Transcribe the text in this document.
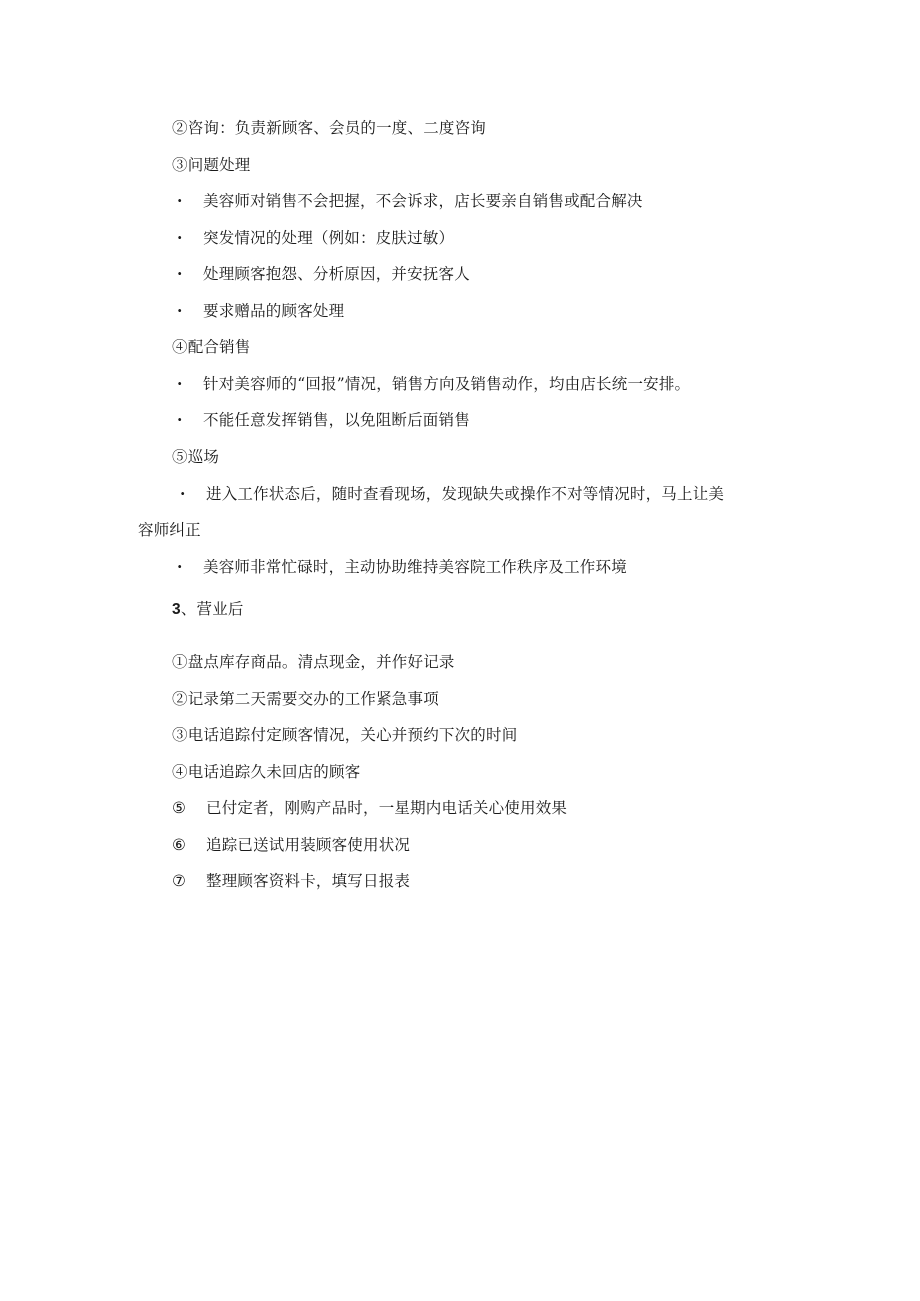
②咨询：负责新顾客、会员的一度、二度咨询
③问题处理
· 美容师对销售不会把握，不会诉求，店长要亲自销售或配合解决
· 突发情况的处理（例如：皮肤过敏）
· 处理顾客抱怨、分析原因，并安抚客人
· 要求赠品的顾客处理
④配合销售
· 针对美容师的“回报”情况，销售方向及销售动作，均由店长统一安排。
· 不能任意发挥销售，以免阻断后面销售
⑤巡场
· 进入工作状态后，随时查看现场，发现缺失或操作不对等情况时，马上让美
容师纠正
· 美容师非常忙碌时，主动协助维持美容院工作秩序及工作环境
3、营业后
①盘点库存商品。清点现金，并作好记录
②记录第二天需要交办的工作紧急事项
③电话追踪付定顾客情况，关心并预约下次的时间
④电话追踪久未回店的顾客
⑤ 已付定者，刚购产品时，一星期内电话关心使用效果
⑥ 追踪已送试用装顾客使用状况
⑦ 整理顾客资料卡，填写日报表
